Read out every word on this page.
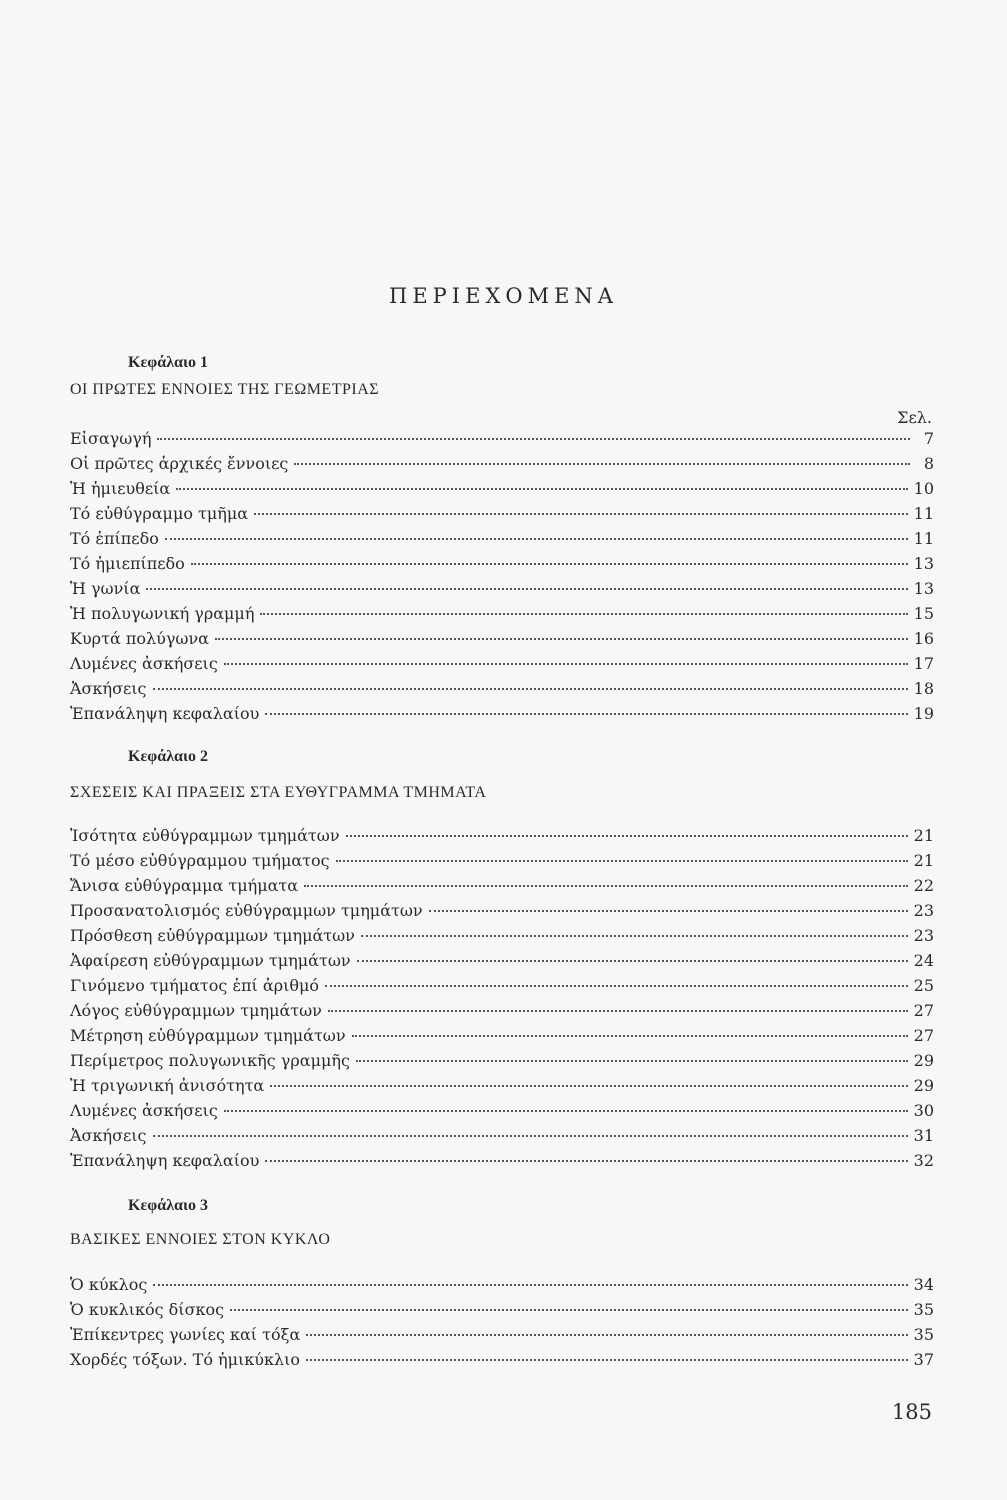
ΠΕΡΙΕΧΟΜΕΝΑ
Κεφάλαιο 1
ΟΙ ΠΡΩΤΕΣ ΕΝΝΟΙΕΣ ΤΗΣ ΓΕΩΜΕΤΡΙΑΣ
Σελ.
Εἰσαγωγή	7
Οἱ πρῶτες ἀρχικές ἔννοιες	8
Ἡ ἡμιευθεία	10
Τό εὐθύγραμμο τμῆμα	11
Τό ἐπίπεδο	11
Τό ἡμιεπίπεδο	13
Ἡ γωνία	13
Ἡ πολυγωνική γραμμή	15
Κυρτά πολύγωνα	16
Λυμένες ἀσκήσεις	17
Ἀσκήσεις	18
Ἐπανάληψη κεφαλαίου	19
Κεφάλαιο 2
ΣΧΕΣΕΙΣ ΚΑΙ ΠΡΑΞΕΙΣ ΣΤΑ ΕΥΘΥΓΡΑΜΜΑ ΤΜΗΜΑΤΑ
Ἰσότητα εὐθύγραμμων τμημάτων	21
Τό μέσο εὐθύγραμμου τμήματος	21
Ἄνισα εὐθύγραμμα τμήματα	22
Προσανατολισμός εὐθύγραμμων τμημάτων	23
Πρόσθεση εὐθύγραμμων τμημάτων	23
Ἀφαίρεση εὐθύγραμμων τμημάτων	24
Γινόμενο τμήματος ἐπί ἀριθμό	25
Λόγος εὐθύγραμμων τμημάτων	27
Μέτρηση εὐθύγραμμων τμημάτων	27
Περίμετρος πολυγωνικῆς γραμμῆς	29
Ἡ τριγωνική ἀνισότητα	29
Λυμένες ἀσκήσεις	30
Ἀσκήσεις	31
Ἐπανάληψη κεφαλαίου	32
Κεφάλαιο 3
ΒΑΣΙΚΕΣ ΕΝΝΟΙΕΣ ΣΤΟΝ ΚΥΚΛΟ
Ὁ κύκλος	34
Ὁ κυκλικός δίσκος	35
Ἐπίκεντρες γωνίες καί τόξα	35
Χορδές τόξων. Τό ἡμικύκλιο	37
185
